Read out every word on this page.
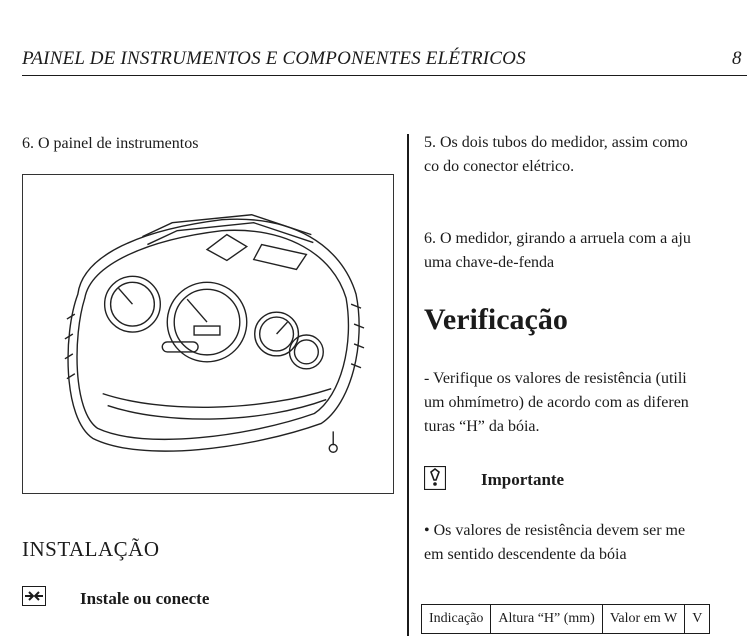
PAINEL DE INSTRUMENTOS E COMPONENTES ELÉTRICOS	8
6. O painel de instrumentos
INSTALAÇÃO
Instale ou conecte
5. Os dois tubos do medidor, assim como
co do conector elétrico.
6. O medidor, girando a arruela com a aju
uma chave-de-fenda
Verificação
- Verifique os valores de resistência (utili
um ohmímetro) de acordo com as diferen
turas “H” da bóia.
Importante
• Os valores de resistência devem ser me
em sentido descendente da bóia
Indicação	Altura “H” (mm)	Valor em W	V
